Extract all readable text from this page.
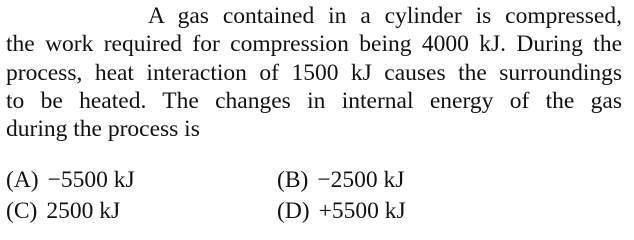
A gas contained in a cylinder is compressed,
the work required for compression being 4000 kJ. During the
process, heat interaction of 1500 kJ causes the surroundings
to be heated. The changes in internal energy of the gas
during the process is
(A) −5500 kJ	(B) −2500 kJ
(C) 2500 kJ	(D) +5500 kJ
